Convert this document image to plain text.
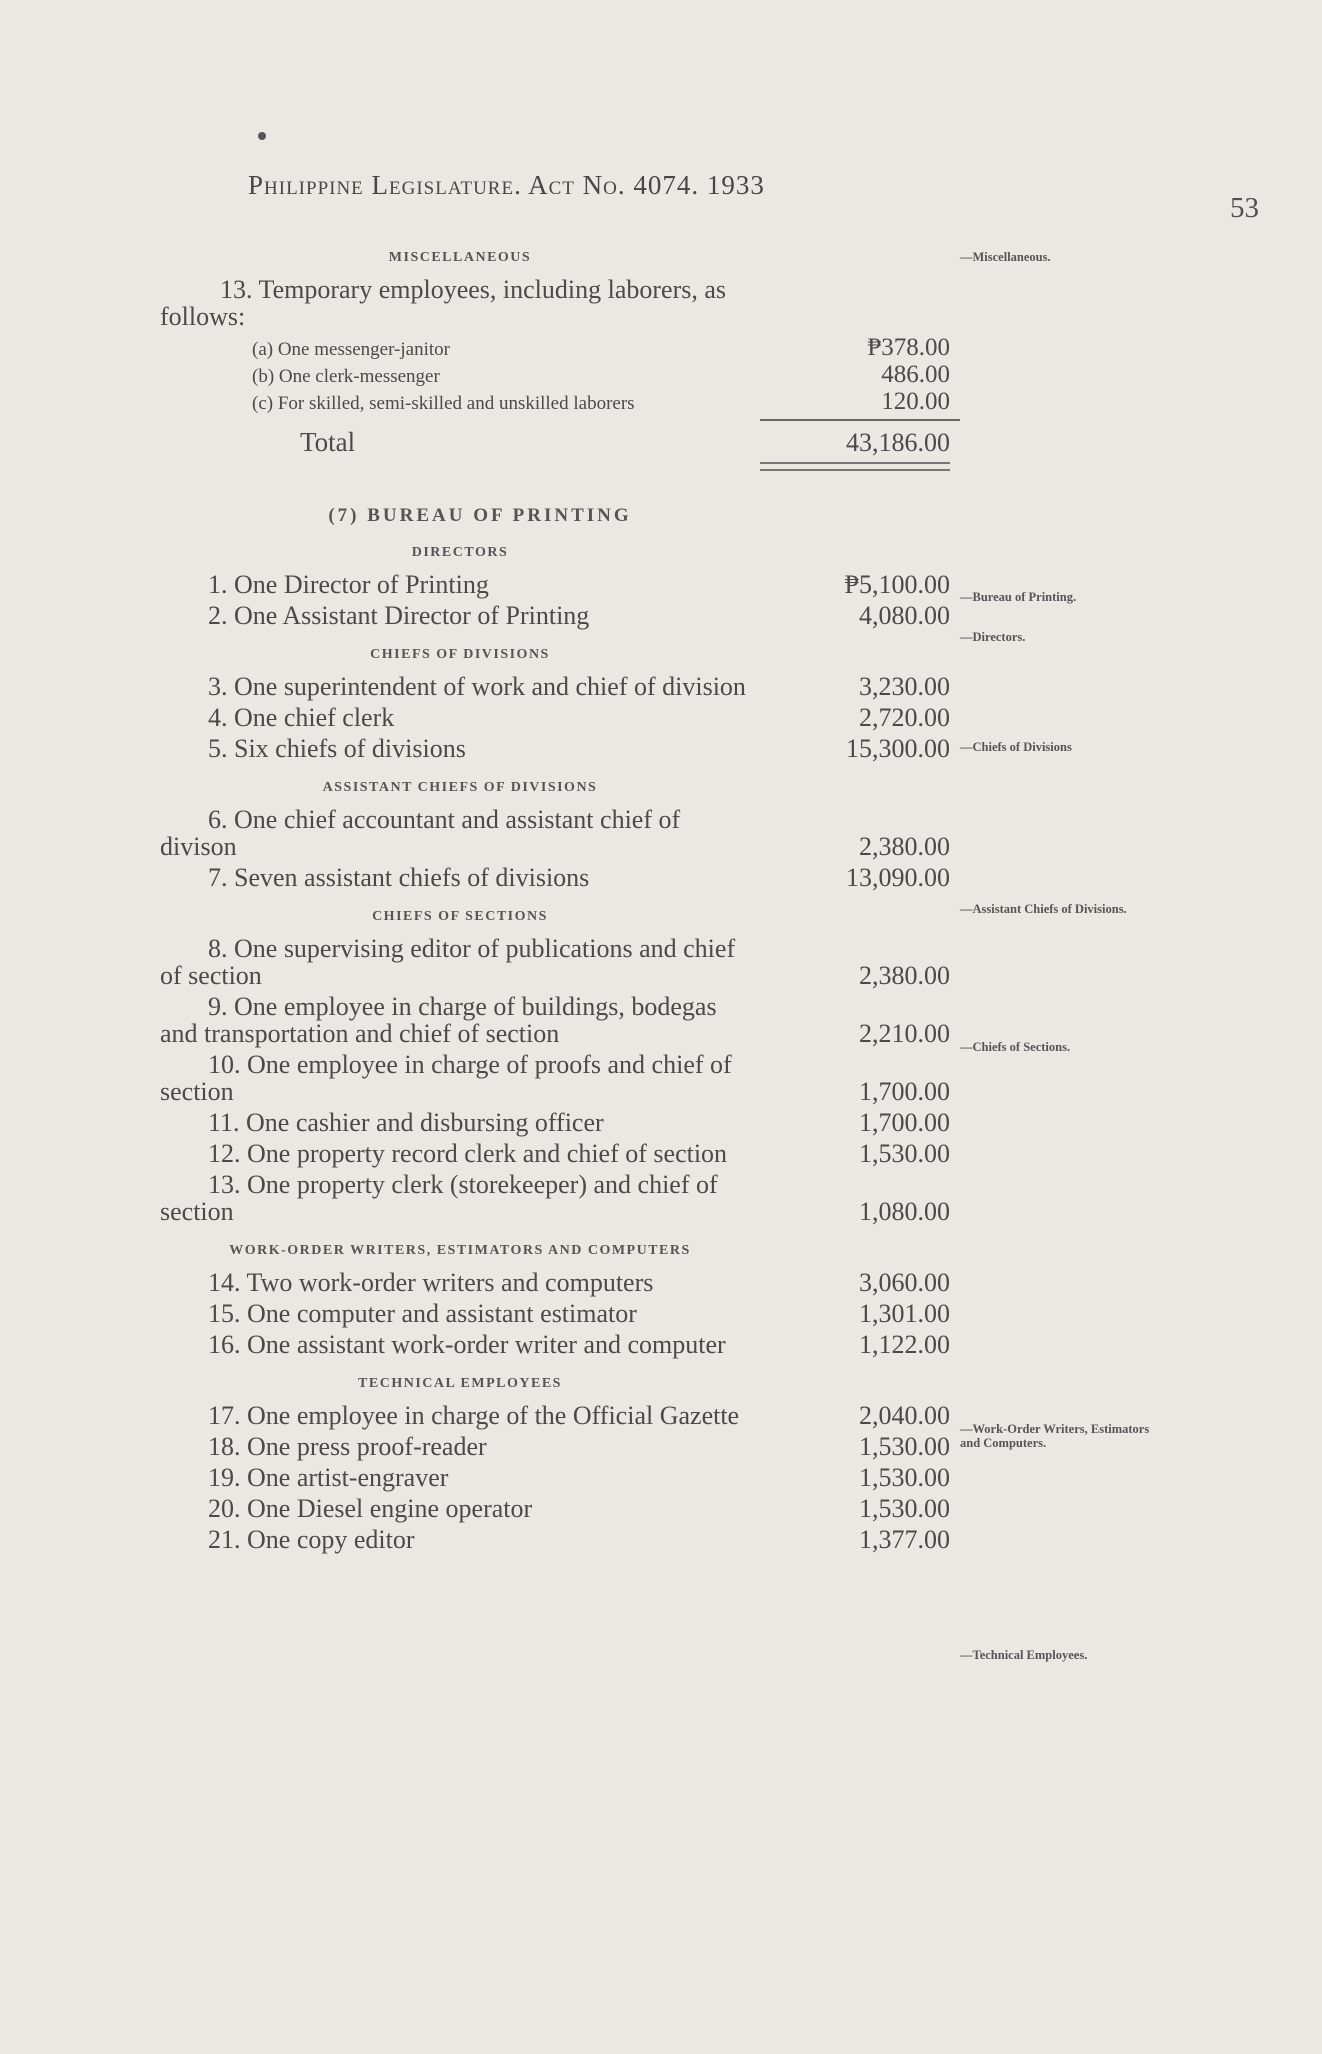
Philippine Legislature. Act No. 4074. 1933
53
—Miscellaneous.
—Bureau of Printing.
—Directors.
—Chiefs of Divisions
—Assistant Chiefs of Divisions.
—Chiefs of Sections.
—Work-Order Writers, Estimators and Computers.
—Technical Employees.
MISCELLANEOUS
13. Temporary employees, including laborers, as follows:
(a) One messenger-janitor	₱378.00
(b) One clerk-messenger	486.00
(c) For skilled, semi-skilled and unskilled laborers	120.00
Total	43,186.00
(7) BUREAU OF PRINTING
DIRECTORS
1. One Director of Printing	₱5,100.00
2. One Assistant Director of Printing	4,080.00
CHIEFS OF DIVISIONS
3. One superintendent of work and chief of division	3,230.00
4. One chief clerk	2,720.00
5. Six chiefs of divisions	15,300.00
ASSISTANT CHIEFS OF DIVISIONS
6. One chief accountant and assistant chief of divison	2,380.00
7. Seven assistant chiefs of divisions	13,090.00
CHIEFS OF SECTIONS
8. One supervising editor of publications and chief of section	2,380.00
9. One employee in charge of buildings, bodegas and transportation and chief of section	2,210.00
10. One employee in charge of proofs and chief of section	1,700.00
11. One cashier and disbursing officer	1,700.00
12. One property record clerk and chief of section	1,530.00
13. One property clerk (storekeeper) and chief of section	1,080.00
WORK-ORDER WRITERS, ESTIMATORS AND COMPUTERS
14. Two work-order writers and computers	3,060.00
15. One computer and assistant estimator	1,301.00
16. One assistant work-order writer and computer	1,122.00
TECHNICAL EMPLOYEES
17. One employee in charge of the Official Gazette	2,040.00
18. One press proof-reader	1,530.00
19. One artist-engraver	1,530.00
20. One Diesel engine operator	1,530.00
21. One copy editor	1,377.00
